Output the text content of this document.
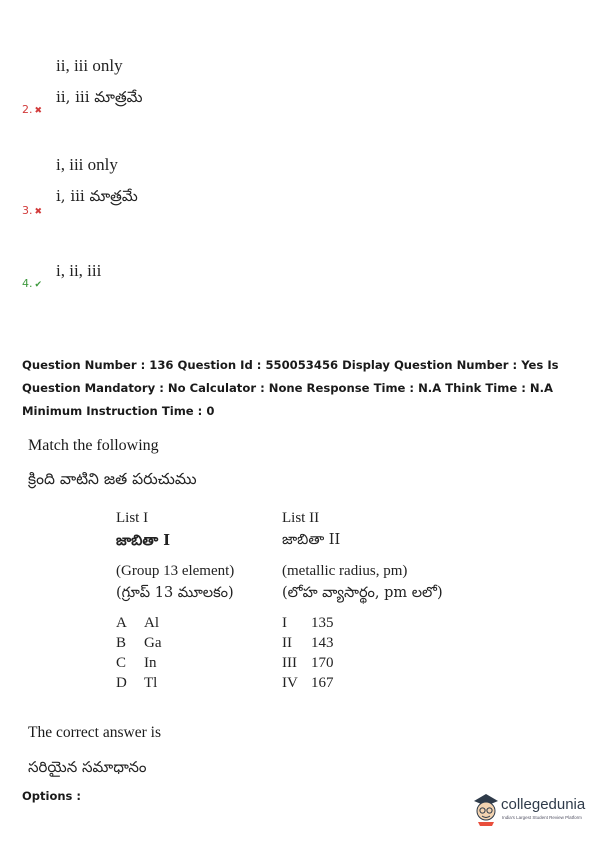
ii, iii only
ii, iii మాత్రమే
2. ✖
i, iii only
i, iii మాత్రమే
3. ✖
i, ii, iii
4. ✔
Question Number : 136 Question Id : 550053456 Display Question Number : Yes Is Question Mandatory : No Calculator : None Response Time : N.A Think Time : N.A Minimum Instruction Time : 0
Match the following
క్రింది వాటిని జత పరుచుము
List I
జాబితా I
(Group 13 element)
(గ్రూప్ 13 మూలకం)
A Al
B Ga
C In
D Tl
List II
జాబితా II
(metallic radius, pm)
(లోహ వ్యాసార్థం, pm లలో)
I 135
II 143
III 170
IV 167
The correct answer is
సరియైన సమాధానం
Options :	collegedunia
India's Largest Student Review Platform
